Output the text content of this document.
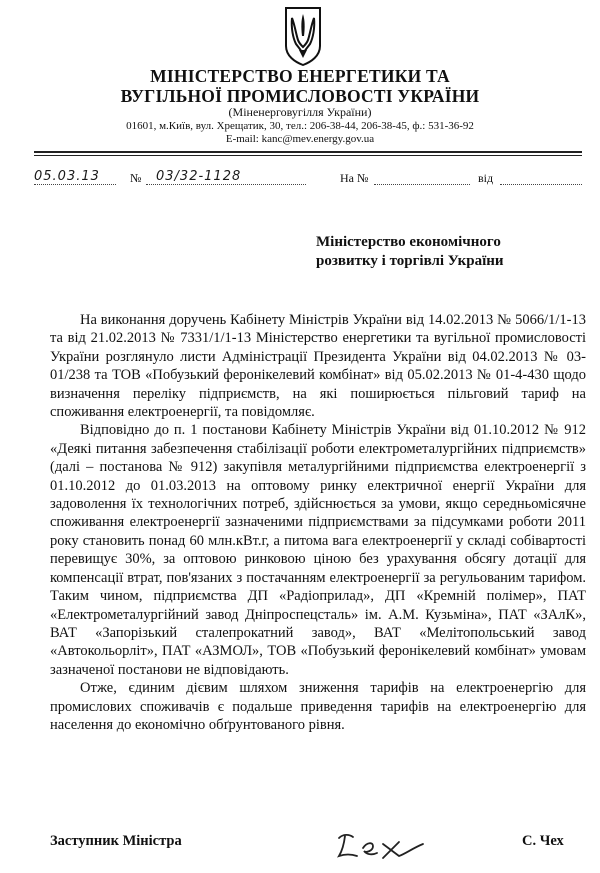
МІНІСТЕРСТВО ЕНЕРГЕТИКИ ТА
ВУГІЛЬНОЇ ПРОМИСЛОВОСТІ УКРАЇНИ
(Міненерговугілля України)
01601, м.Київ, вул. Хрещатик, 30, тел.: 206-38-44, 206-38-45, ф.: 531-36-92
E-mail: kanc@mev.energy.gov.ua
05.03.13	№ 03/32-1128	На №	від
Міністерство економічного
розвитку і торгівлі України

На виконання доручень Кабінету Міністрів України від 14.02.2013 № 5066/1/1-13 та від 21.02.2013 № 7331/1/1-13 Міністерство енергетики та вугільної промисловості України розглянуло листи Адміністрації Президента України від 04.02.2013 № 03-01/238 та ТОВ «Побузький феронікелевий комбінат» від 05.02.2013 № 01-4-430 щодо визначення переліку підприємств, на які поширюється пільговий тариф на споживання електроенергії, та повідомляє.

Відповідно до п. 1 постанови Кабінету Міністрів України від 01.10.2012 № 912 «Деякі питання забезпечення стабілізації роботи електрометалургійних підприємств» (далі – постанова № 912) закупівля металургійними підприємства електроенергії з 01.10.2012 до 01.03.2013 на оптовому ринку електричної енергії України для задоволення їх технологічних потреб, здійснюється за умови, якщо середньомісячне споживання електроенергії зазначеними підприємствами за підсумками роботи 2011 року становить понад 60 млн.кВт.г, а питома вага електроенергії у складі собівартості перевищує 30%, за оптовою ринковою ціною без урахування обсягу дотації для компенсації втрат, пов'язаних з постачанням електроенергії за регульованим тарифом. Таким чином, підприємства ДП «Радіоприлад», ДП «Кремній полімер», ПАТ «Електрометалургійний завод Дніпроспецсталь» ім. А.М. Кузьміна», ПАТ «ЗАлК», ВАТ «Запорізький сталепрокатний завод», ВАТ «Мелітопольський завод «Автокольорліт», ПАТ «АЗМОЛ», ТОВ «Побузький феронікелевий комбінат» умовам зазначеної постанови не відповідають.

Отже, єдиним дієвим шляхом зниження тарифів на електроенергію для промислових споживачів є подальше приведення тарифів на електроенергію для населення до економічно обґрунтованого рівня.

Заступник Міністра	С. Чех
